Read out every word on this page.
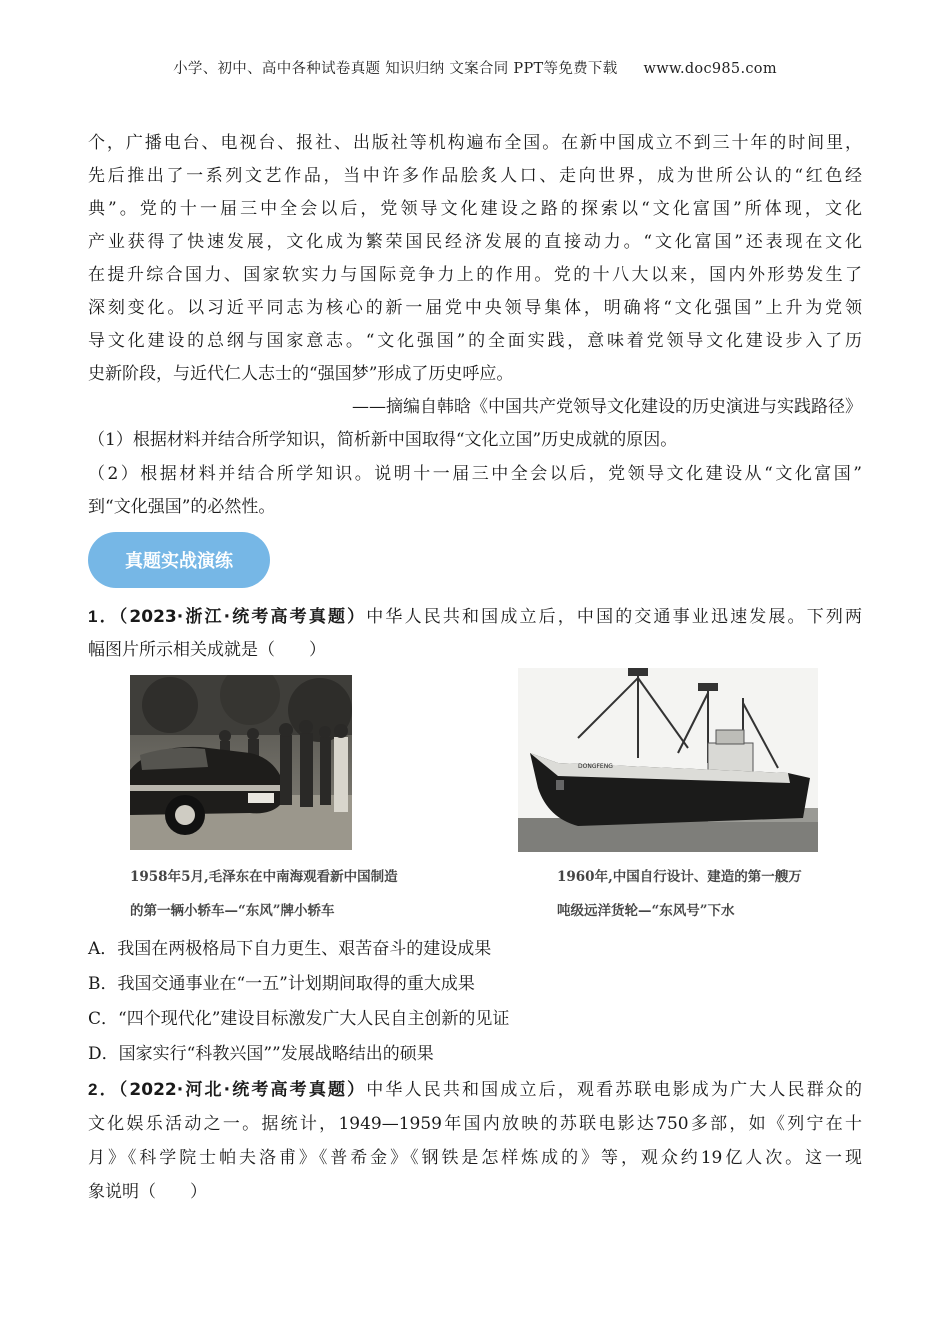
小学、初中、高中各种试卷真题 知识归纳 文案合同 PPT等免费下载 www.doc985.com
个，广播电台、电视台、报社、出版社等机构遍布全国。在新中国成立不到三十年的时间里，
先后推出了一系列文艺作品，当中许多作品脍炙人口、走向世界，成为世所公认的“红色经
典”。党的十一届三中全会以后，党领导文化建设之路的探索以“文化富国”所体现，文化
产业获得了快速发展，文化成为繁荣国民经济发展的直接动力。“文化富国”还表现在文化
在提升综合国力、国家软实力与国际竞争力上的作用。党的十八大以来，国内外形势发生了
深刻变化。以习近平同志为核心的新一届党中央领导集体，明确将“文化强国”上升为党领
导文化建设的总纲与国家意志。“文化强国”的全面实践，意味着党领导文化建设步入了历
史新阶段，与近代仁人志士的“强国梦”形成了历史呼应。
——摘编自韩晗《中国共产党领导文化建设的历史演进与实践路径》
（1）根据材料并结合所学知识，简析新中国取得“文化立国”历史成就的原因。
（2）根据材料并结合所学知识。说明十一届三中全会以后，党领导文化建设从“文化富国”
到“文化强国”的必然性。
真题实战演练
1．（2023·浙江·统考高考真题）中华人民共和国成立后，中国的交通事业迅速发展。下列两
幅图片所示相关成就是（　　）
1958年5月,毛泽东在中南海观看新中国制造
的第一辆小轿车—“东风”牌小轿车
DONGFENG
1960年,中国自行设计、建造的第一艘万
吨级远洋货轮—“东风号”下水
A．我国在两极格局下自力更生、艰苦奋斗的建设成果
B．我国交通事业在“一五”计划期间取得的重大成果
C．“四个现代化”建设目标激发广大人民自主创新的见证
D．国家实行“科教兴国””发展战略结出的硕果
2．（2022·河北·统考高考真题）中华人民共和国成立后，观看苏联电影成为广大人民群众的
文化娱乐活动之一。据统计，1949—1959年国内放映的苏联电影达750多部，如《列宁在十
月》《科学院士帕夫洛甫》《普希金》《钢铁是怎样炼成的》等，观众约19亿人次。这一现
象说明（　　）
